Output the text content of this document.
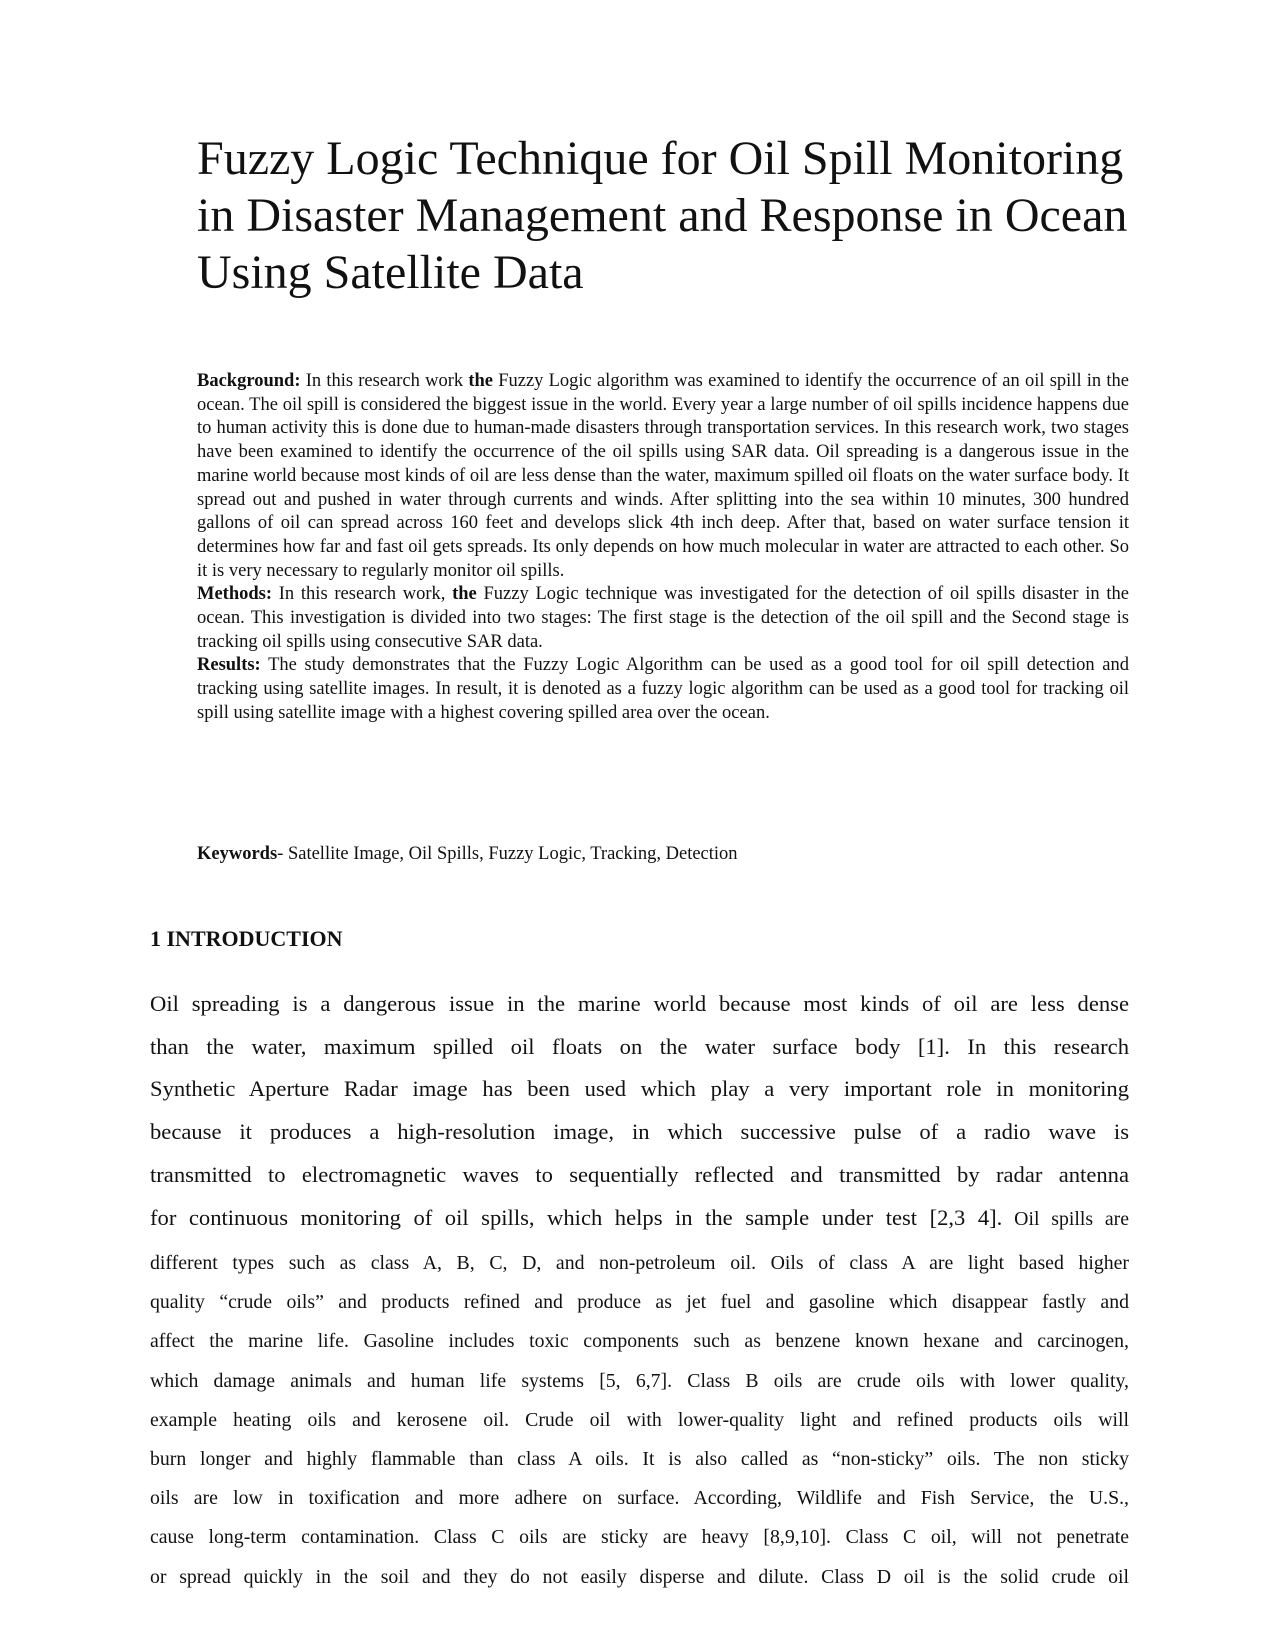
Fuzzy Logic Technique for Oil Spill Monitoring
in Disaster Management and Response in Ocean
Using Satellite Data

Background: In this research work the Fuzzy Logic algorithm was examined to identify the occurrence of an oil spill in the ocean. The oil spill is considered the biggest issue in the world. Every year a large number of oil spills incidence happens due to human activity this is done due to human-made disasters through transportation services. In this research work, two stages have been examined to identify the occurrence of the oil spills using SAR data. Oil spreading is a dangerous issue in the marine world because most kinds of oil are less dense than the water, maximum spilled oil floats on the water surface body. It spread out and pushed in water through currents and winds. After splitting into the sea within 10 minutes, 300 hundred gallons of oil can spread across 160 feet and develops slick 4th inch deep. After that, based on water surface tension it determines how far and fast oil gets spreads. Its only depends on how much molecular in water are attracted to each other. So it is very necessary to regularly monitor oil spills.

Methods: In this research work, the Fuzzy Logic technique was investigated for the detection of oil spills disaster in the ocean. This investigation is divided into two stages: The first stage is the detection of the oil spill and the Second stage is tracking oil spills using consecutive SAR data.

Results: The study demonstrates that the Fuzzy Logic Algorithm can be used as a good tool for oil spill detection and tracking using satellite images. In result, it is denoted as a fuzzy logic algorithm can be used as a good tool for tracking oil spill using satellite image with a highest covering spilled area over the ocean.

Keywords- Satellite Image, Oil Spills, Fuzzy Logic, Tracking, Detection
1 INTRODUCTION
Oil spreading is a dangerous issue in the marine world because most kinds of oil are less dense
than the water, maximum spilled oil floats on the water surface body [1]. In this research
Synthetic Aperture Radar image has been used which play a very important role in monitoring
because it produces a high-resolution image, in which successive pulse of a radio wave is
transmitted to electromagnetic waves to sequentially reflected and transmitted by radar antenna
for continuous monitoring of oil spills, which helps in the sample under test [2,3 4]. Oil spills are
different types such as class A, B, C, D, and non-petroleum oil. Oils of class A are light based higher
quality “crude oils” and products refined and produce as jet fuel and gasoline which disappear fastly and
affect the marine life. Gasoline includes toxic components such as benzene known hexane and carcinogen,
which damage animals and human life systems [5, 6,7]. Class B oils are crude oils with lower quality,
example heating oils and kerosene oil. Crude oil with lower-quality light and refined products oils will
burn longer and highly flammable than class A oils. It is also called as “non-sticky” oils. The non sticky
oils are low in toxification and more adhere on surface. According, Wildlife and Fish Service, the U.S.,
cause long-term contamination. Class C oils are sticky are heavy [8,9,10]. Class C oil, will not penetrate
or spread quickly in the soil and they do not easily disperse and dilute. Class D oil is the solid crude oil
